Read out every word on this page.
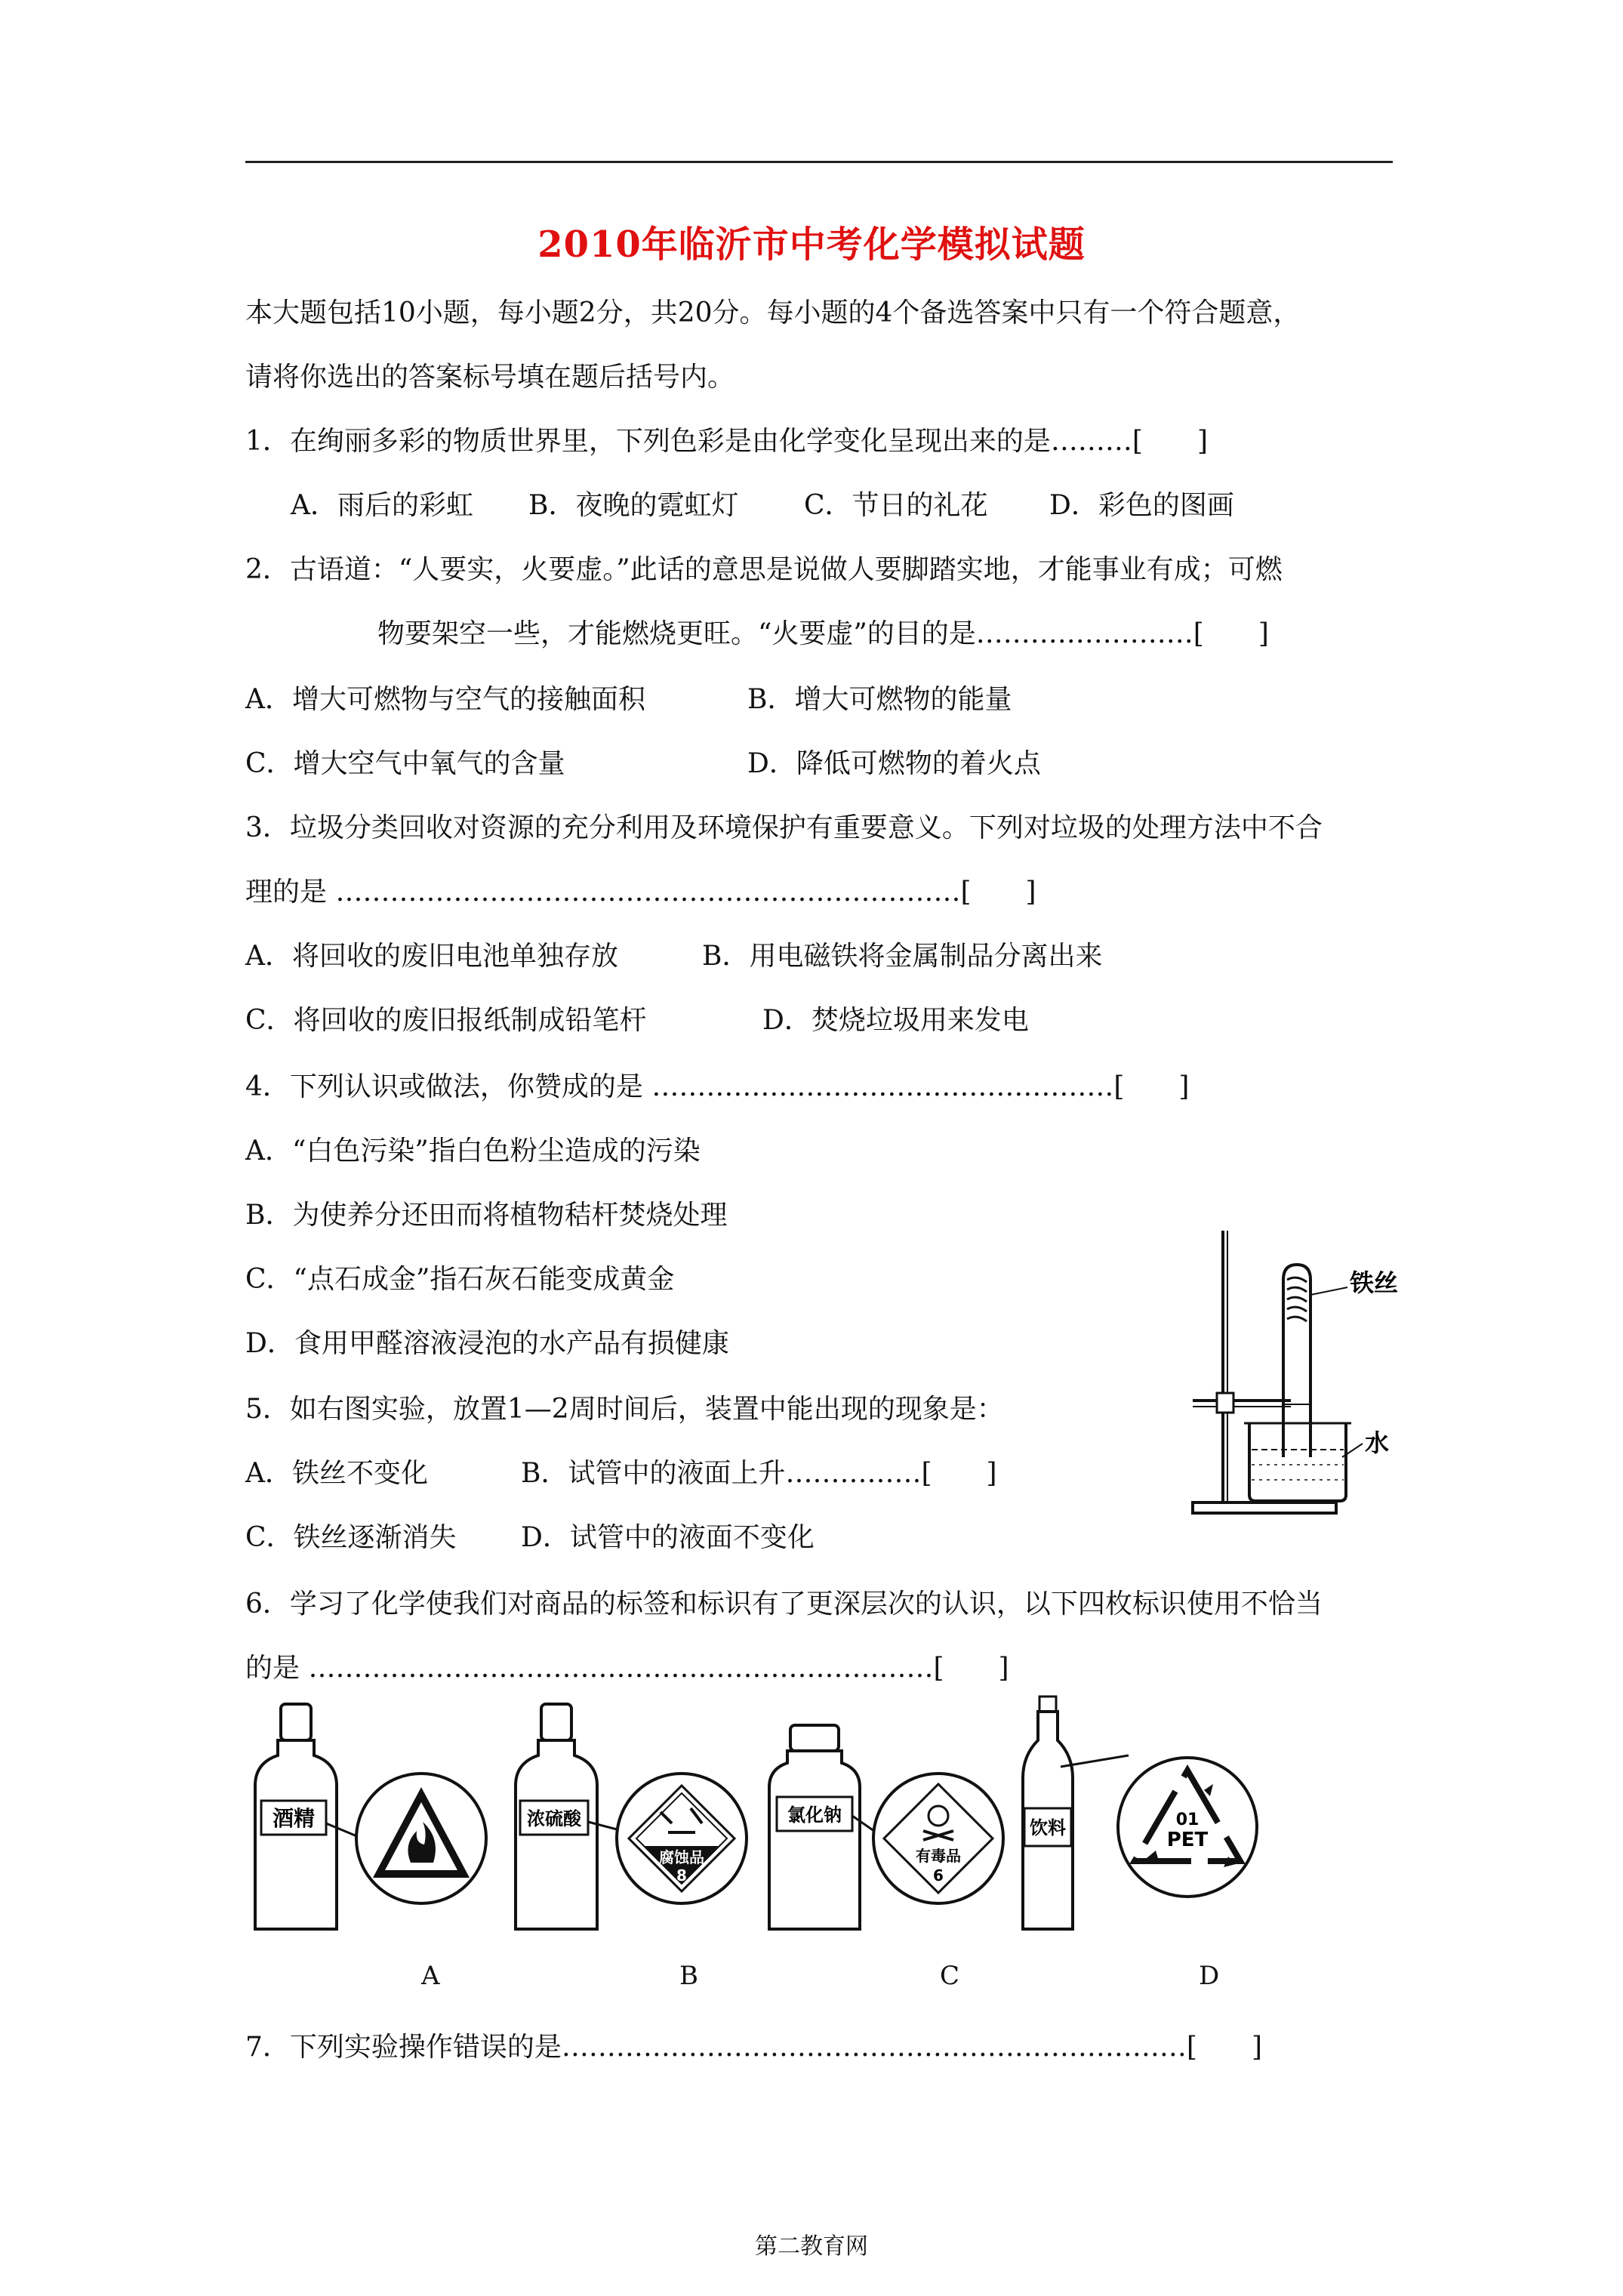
2010年临沂市中考化学模拟试题
本大题包括10小题，每小题2分，共20分。每小题的4个备选答案中只有一个符合题意，
请将你选出的答案标号填在题后括号内。
1．在绚丽多彩的物质世界里，下列色彩是由化学变化呈现出来的是………[　　]
A．雨后的彩虹 B．夜晚的霓虹灯 C．节日的礼花 D．彩色的图画
2．古语道：“人要实，火要虚。”此话的意思是说做人要脚踏实地，才能事业有成；可燃
物要架空一些，才能燃烧更旺。“火要虚”的目的是……………………[　　]
A．增大可燃物与空气的接触面积	B．增大可燃物的能量
C．增大空气中氧气的含量	D．降低可燃物的着火点
3．垃圾分类回收对资源的充分利用及环境保护有重要意义。下列对垃圾的处理方法中不合
理的是 ……………………………………………………………[　　]
A．将回收的废旧电池单独存放	B．用电磁铁将金属制品分离出来
C．将回收的废旧报纸制成铅笔杆	D．焚烧垃圾用来发电
4．下列认识或做法，你赞成的是 ……………………………………………[　　]
A．“白色污染”指白色粉尘造成的污染
B．为使养分还田而将植物秸杆焚烧处理
C．“点石成金”指石灰石能变成黄金
D．食用甲醛溶液浸泡的水产品有损健康
5．如右图实验，放置1—2周时间后，装置中能出现的现象是：
A．铁丝不变化	B．试管中的液面上升……………[　　]
C．铁丝逐渐消失 D．试管中的液面不变化
铁丝
水
6．学习了化学使我们对商品的标签和标识有了更深层次的认识，以下四枚标识使用不恰当
的是 ……………………………………………………………[　　]
酒精	浓硫酸
腐蚀品
8
氯化钠
有毒品
6
饮料	01
PET
A	B	C	D
7．下列实验操作错误的是……………………………………………………………[　　]
第二教育网
